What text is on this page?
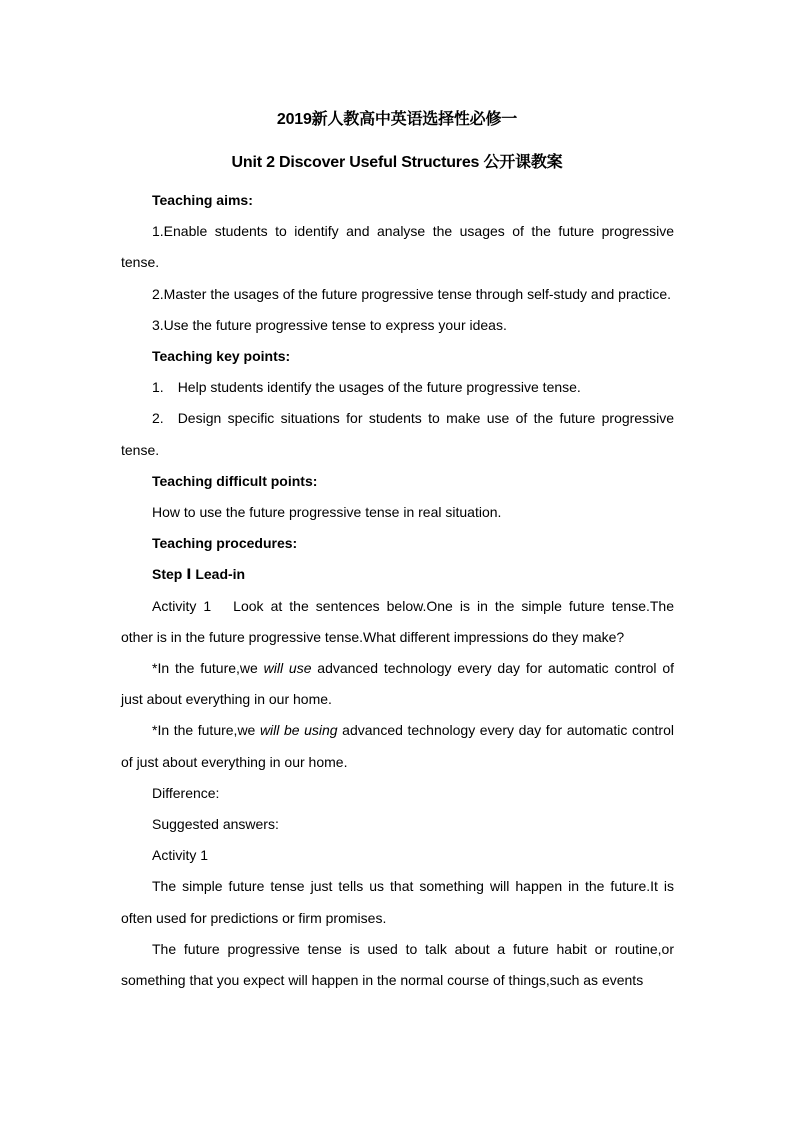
2019新人教高中英语选择性必修一
Unit 2 Discover Useful Structures 公开课教案

Teaching aims:

1.Enable students to identify and analyse the usages of the future progressive tense.

2.Master the usages of the future progressive tense through self-study and practice.

3.Use the future progressive tense to express your ideas.

Teaching key points:

1. Help students identify the usages of the future progressive tense.

2. Design specific situations for students to make use of the future progressive tense.

Teaching difficult points:

How to use the future progressive tense in real situation.

Teaching procedures:

Step Ⅰ Lead-in

Activity 1 Look at the sentences below.One is in the simple future tense.The other is in the future progressive tense.What different impressions do they make?

*In the future,we will use advanced technology every day for automatic control of just about everything in our home.

*In the future,we will be using advanced technology every day for automatic control of just about everything in our home.

Difference:

Suggested answers:

Activity 1

The simple future tense just tells us that something will happen in the future.It is often used for predictions or firm promises.

The future progressive tense is used to talk about a future habit or routine,or something that you expect will happen in the normal course of things,such as events
